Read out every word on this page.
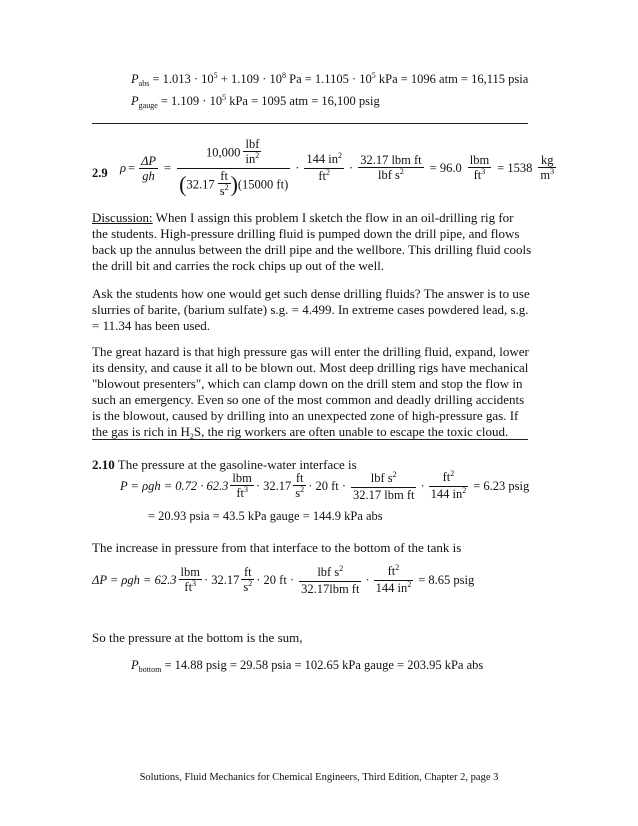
$P_{abs} = 1.013 \cdot 10^5 + 1.109 \cdot 10^8$ $Pa = 1.1105 \cdot 10^5$ kPa = 1096 atm = 16,115 psia
$P_{gauge} = 1.109 \cdot 10^5$ kPa = 1095 atm = 16,100 psig
2.9 $\rho = \frac{\Delta P}{gh}$ =
$10,000 \frac{\text{lbf}}{in^2}$
$(32.17 \frac{ft}{s^2} )(15000$ ft)
· $\frac{144 in^2}{ft^2} \cdot \frac{\text{32.17 lbm ft}}{lbf s^2} = 96.0 \frac{\text{lbm}}{ft^3} = 1538 \frac{kg}{m^3}$
Discussion: When I assign this problem I sketch the flow in an oil-drilling rig for the students. High-pressure drilling fluid is pumped down the drill pipe, and flows back up the annulus between the drill pipe and the wellbore. This drilling fluid cools the drill bit and carries the rock chips up out of the well.
Ask the students how one would get such dense drilling fluids? The answer is to use slurries of barite, (barium sulfate) s.g. = 4.499. In extreme cases powdered lead, s.g. = 11.34 has been used.
The great hazard is that high pressure gas will enter the drilling fluid, expand, lower its density, and cause it all to be blown out. Most deep drilling rigs have mechanical "blowout presenters", which can clamp down on the drill stem and stop the flow in such an emergency. Even so one of the most common and deadly drilling accidents is the blowout, caused by drilling into an unexpected zone of high-pressure gas. If the gas is rich in $H_2S$, the rig workers are often unable to escape the toxic cloud.
2.10 The pressure at the gasoline-water interface is
$P = \rho gh = 0.72 \cdot 62.3 \frac{\text{lbm}}{ft^3} \cdot 32.17 \frac{ft}{s^2} \cdot 20$ ft · $\frac{lbf s^2}{\text{32.17 lbm ft}} \cdot \frac{ft^2}{144 in^2} = 6.23$ psig
= 20.93 psia = 43.5 kPa gauge = 144.9 kPa abs
The increase in pressure from that interface to the bottom of the tank is
$\Delta P = \rho gh = 62.3 \frac{\text{lbm}}{ft^3} \cdot 32.17 \frac{ft}{s^2} \cdot 20$ ft · $\frac{lbf s^2}{\text{32.17lbm ft}} \cdot \frac{ft^2}{144 in^2} = 8.65$ psig
So the pressure at the bottom is the sum,
$P_{bottom} = 14.88$ psig = 29.58 psia = 102.65 kPa gauge = 203.95 kPa abs
Solutions, Fluid Mechanics for Chemical Engineers, Third Edition, Chapter 2, page 3
